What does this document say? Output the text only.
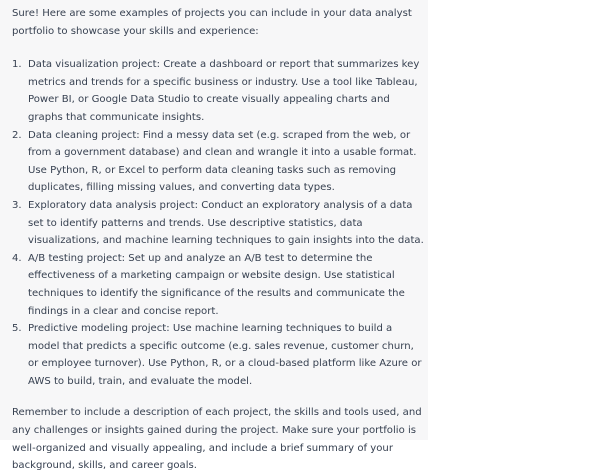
Sure! Here are some examples of projects you can include in your data analyst portfolio to showcase your skills and experience:

1. Data visualization project: Create a dashboard or report that summarizes key metrics and trends for a specific business or industry. Use a tool like Tableau, Power BI, or Google Data Studio to create visually appealing charts and graphs that communicate insights.
2. Data cleaning project: Find a messy data set (e.g. scraped from the web, or from a government database) and clean and wrangle it into a usable format. Use Python, R, or Excel to perform data cleaning tasks such as removing duplicates, filling missing values, and converting data types.
3. Exploratory data analysis project: Conduct an exploratory analysis of a data set to identify patterns and trends. Use descriptive statistics, data visualizations, and machine learning techniques to gain insights into the data.
4. A/B testing project: Set up and analyze an A/B test to determine the effectiveness of a marketing campaign or website design. Use statistical techniques to identify the significance of the results and communicate the findings in a clear and concise report.
5. Predictive modeling project: Use machine learning techniques to build a model that predicts a specific outcome (e.g. sales revenue, customer churn, or employee turnover). Use Python, R, or a cloud-based platform like Azure or AWS to build, train, and evaluate the model.

Remember to include a description of each project, the skills and tools used, and any challenges or insights gained during the project. Make sure your portfolio is well-organized and visually appealing, and include a brief summary of your background, skills, and career goals.
